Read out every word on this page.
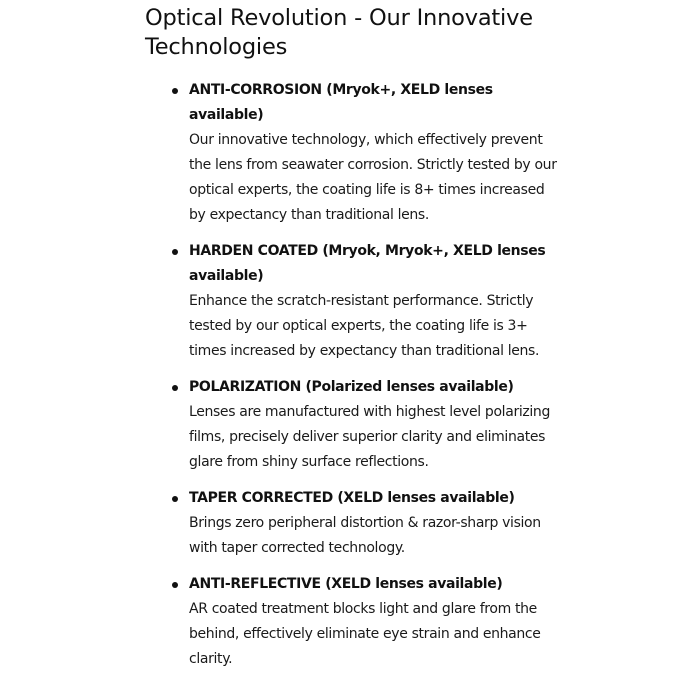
Optical Revolution - Our Innovative Technologies
ANTI-CORROSION (Mryok+, XELD lenses available)
Our innovative technology, which effectively prevent the lens from seawater corrosion. Strictly tested by our optical experts, the coating life is 8+ times increased by expectancy than traditional lens.
HARDEN COATED (Mryok, Mryok+, XELD lenses available)
Enhance the scratch-resistant performance. Strictly tested by our optical experts, the coating life is 3+ times increased by expectancy than traditional lens.
POLARIZATION (Polarized lenses available)
Lenses are manufactured with highest level polarizing films, precisely deliver superior clarity and eliminates glare from shiny surface reflections.
TAPER CORRECTED (XELD lenses available)
Brings zero peripheral distortion & razor-sharp vision with taper corrected technology.
ANTI-REFLECTIVE (XELD lenses available)
AR coated treatment blocks light and glare from the behind, effectively eliminate eye strain and enhance clarity.
